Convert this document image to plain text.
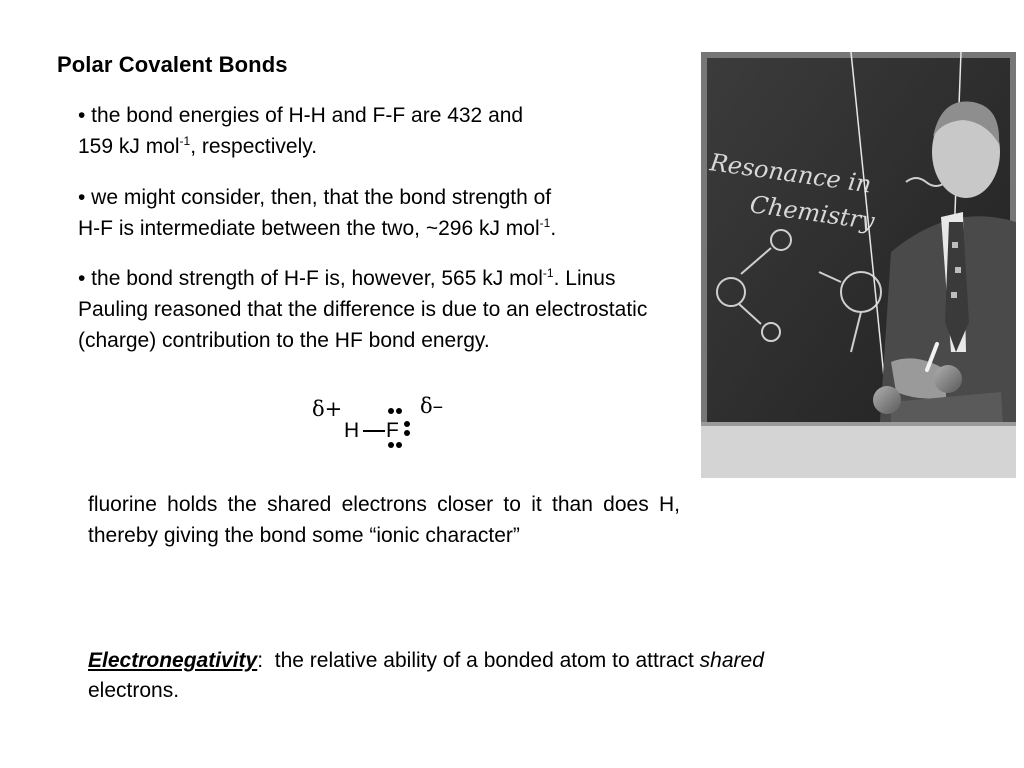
Polar Covalent Bonds
• the bond energies of H-H and F-F are 432 and
159 kJ mol$^{-1}$, respectively.
• we might consider, then, that the bond strength of
H-F is intermediate between the two, ~296 kJ mol$^{-1}$.
• the bond strength of H-F is, however, 565 kJ mol$^{-1}$. Linus Pauling reasoned that the difference is due to an electrostatic (charge) contribution to the HF bond energy.
δ+	δ–
H F
fluorine holds the shared electrons closer to it than does H, thereby giving the bond some “ionic character”
Electronegativity: the relative ability of a bonded atom to attract shared
electrons.
Resonance in
Chemistry
